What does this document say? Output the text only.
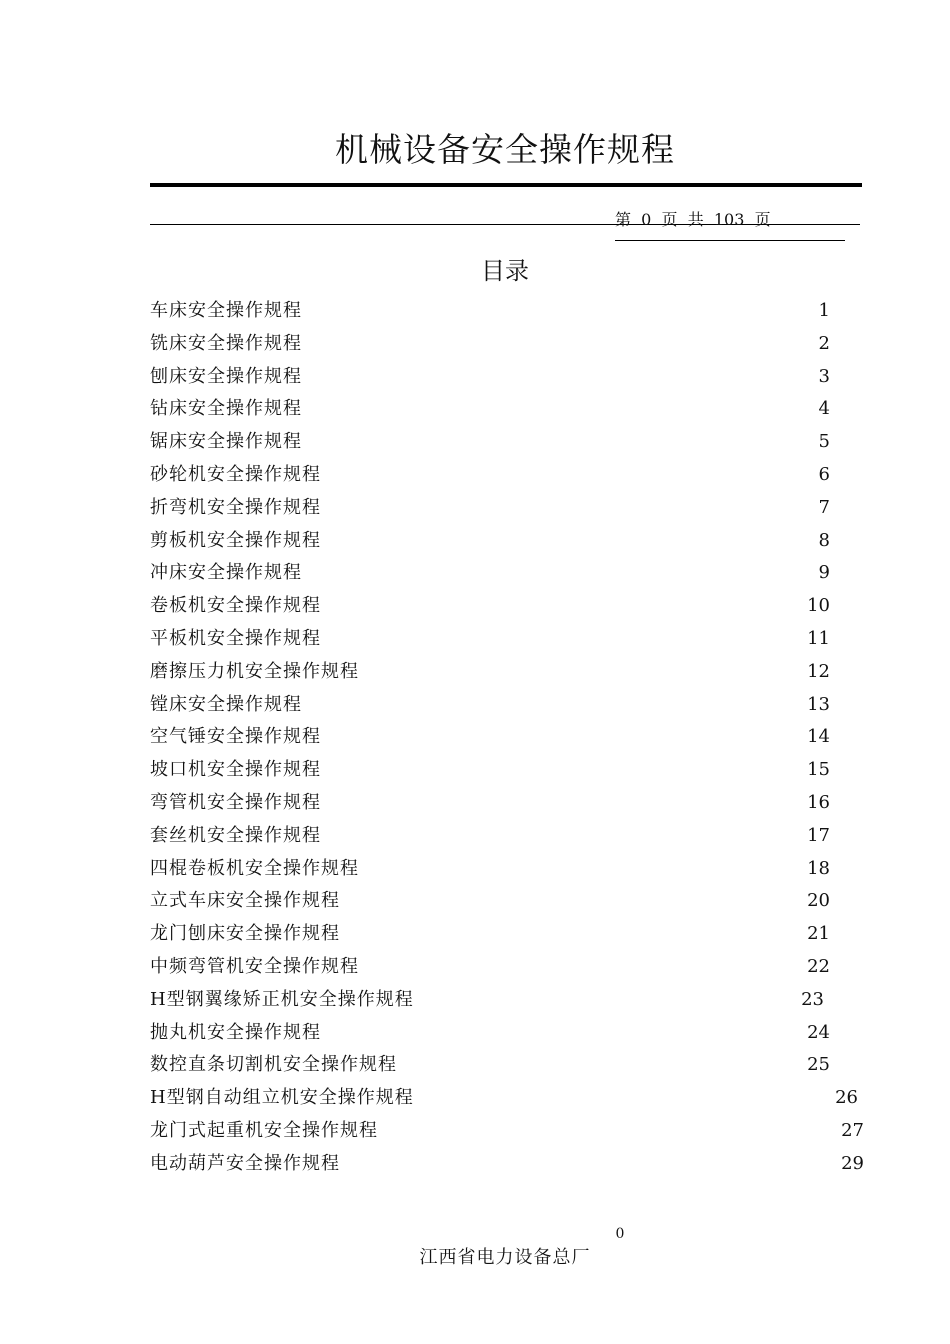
机械设备安全操作规程
第  0  页  共  103  页
目录
车床安全操作规程	1
铣床安全操作规程	2
刨床安全操作规程	3
钻床安全操作规程	4
锯床安全操作规程	5
砂轮机安全操作规程	6
折弯机安全操作规程	7
剪板机安全操作规程	8
冲床安全操作规程	9
卷板机安全操作规程	10
平板机安全操作规程	11
磨擦压力机安全操作规程	12
镗床安全操作规程	13
空气锤安全操作规程	14
坡口机安全操作规程	15
弯管机安全操作规程	16
套丝机安全操作规程	17
四棍卷板机安全操作规程	18
立式车床安全操作规程	20
龙门刨床安全操作规程	21
中频弯管机安全操作规程	22
H型钢翼缘矫正机安全操作规程	23
抛丸机安全操作规程	24
数控直条切割机安全操作规程	25
H型钢自动组立机安全操作规程	26
龙门式起重机安全操作规程	27
电动葫芦安全操作规程	29
0
江西省电力设备总厂
